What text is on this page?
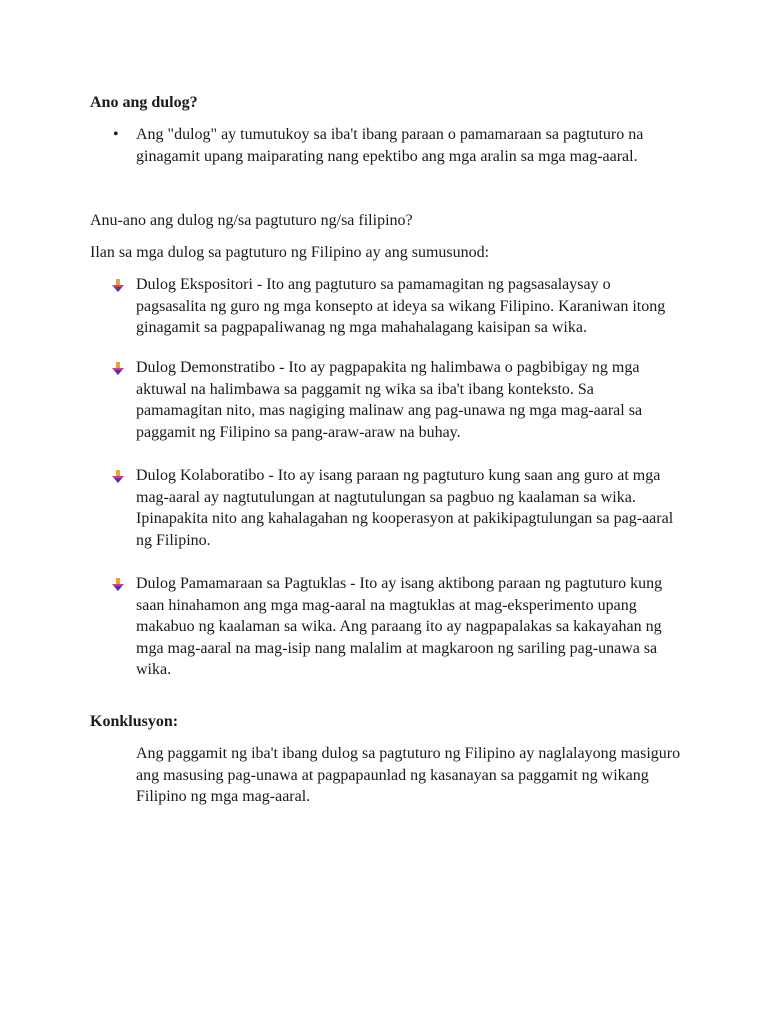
Ano ang dulog?

• Ang "dulog" ay tumutukoy sa iba't ibang paraan o pamamaraan sa pagtuturo na ginagamit upang maiparating nang epektibo ang mga aralin sa mga mag-aaral.

Anu-ano ang dulog ng/sa pagtuturo ng/sa filipino?

Ilan sa mga dulog sa pagtuturo ng Filipino ay ang sumusunod:

Dulog Ekspositori - Ito ang pagtuturo sa pamamagitan ng pagsasalaysay o pagsasalita ng guro ng mga konsepto at ideya sa wikang Filipino. Karaniwan itong ginagamit sa pagpapaliwanag ng mga mahahalagang kaisipan sa wika.

Dulog Demonstratibo - Ito ay pagpapakita ng halimbawa o pagbibigay ng mga aktuwal na halimbawa sa paggamit ng wika sa iba't ibang konteksto. Sa pamamagitan nito, mas nagiging malinaw ang pag-unawa ng mga mag-aaral sa paggamit ng Filipino sa pang-araw-araw na buhay.

Dulog Kolaboratibo - Ito ay isang paraan ng pagtuturo kung saan ang guro at mga mag-aaral ay nagtutulungan at nagtutulungan sa pagbuo ng kaalaman sa wika. Ipinapakita nito ang kahalagahan ng kooperasyon at pakikipagtulungan sa pag-aaral ng Filipino.

Dulog Pamamaraan sa Pagtuklas - Ito ay isang aktibong paraan ng pagtuturo kung saan hinahamon ang mga mag-aaral na magtuklas at mag-eksperimento upang makabuo ng kaalaman sa wika. Ang paraang ito ay nagpapalakas sa kakayahan ng mga mag-aaral na mag-isip nang malalim at magkaroon ng sariling pag-unawa sa wika.

Konklusyon:

Ang paggamit ng iba't ibang dulog sa pagtuturo ng Filipino ay naglalayong masiguro ang masusing pag-unawa at pagpapaunlad ng kasanayan sa paggamit ng wikang Filipino ng mga mag-aaral.
